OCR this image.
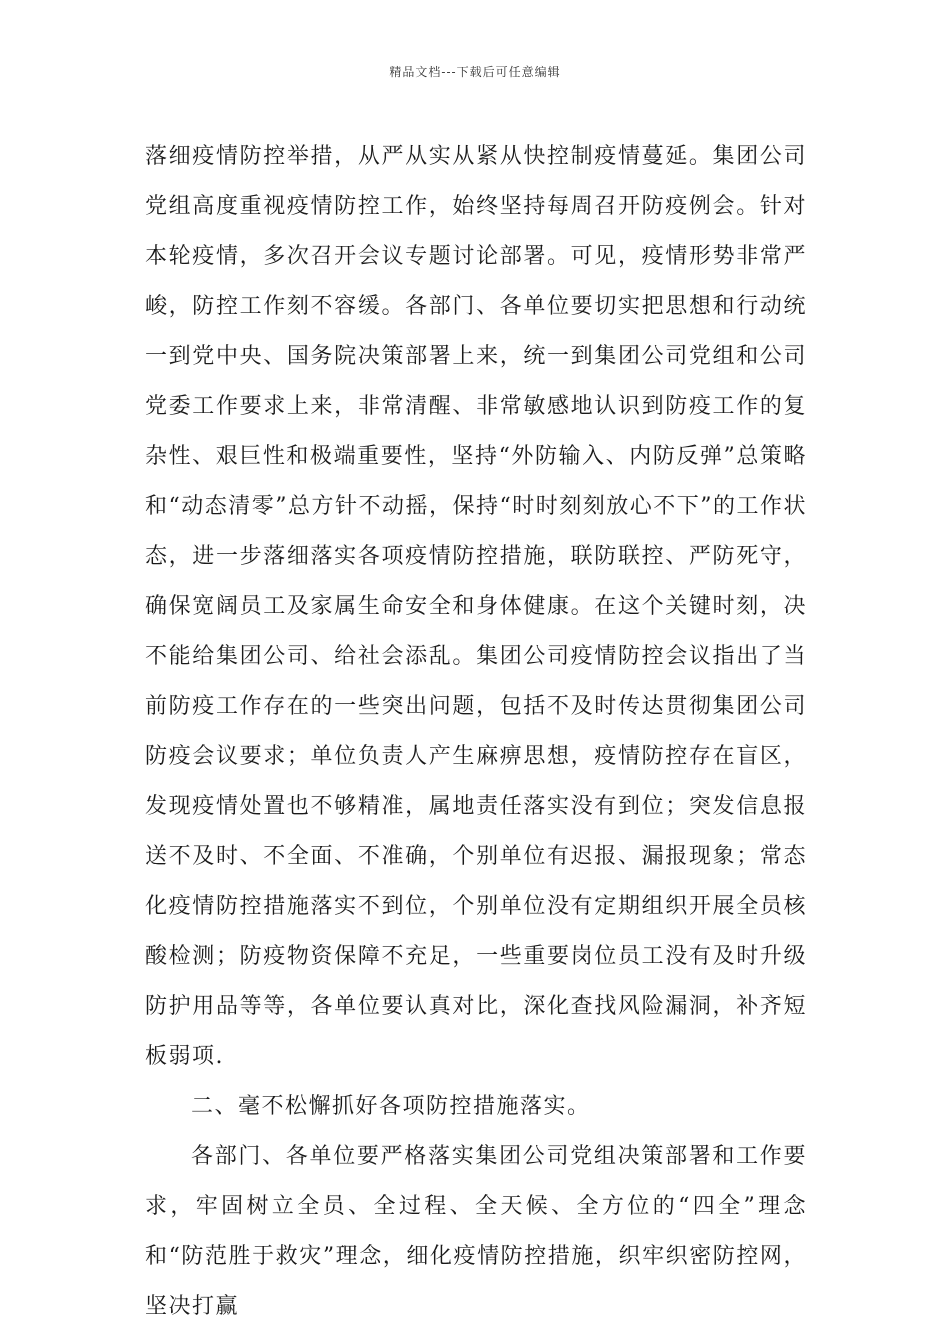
精品文档---下载后可任意编辑

落细疫情防控举措，从严从实从紧从快控制疫情蔓延。集团公司党组高度重视疫情防控工作，始终坚持每周召开防疫例会。针对本轮疫情，多次召开会议专题讨论部署。可见，疫情形势非常严峻，防控工作刻不容缓。各部门、各单位要切实把思想和行动统一到党中央、国务院决策部署上来，统一到集团公司党组和公司党委工作要求上来，非常清醒、非常敏感地认识到防疫工作的复杂性、艰巨性和极端重要性，坚持“外防输入、内防反弹”总策略和“动态清零”总方针不动摇，保持“时时刻刻放心不下”的工作状态，进一步落细落实各项疫情防控措施，联防联控、严防死守，确保宽阔员工及家属生命安全和身体健康。在这个关键时刻，决不能给集团公司、给社会添乱。集团公司疫情防控会议指出了当前防疫工作存在的一些突出问题，包括不及时传达贯彻集团公司防疫会议要求；单位负责人产生麻痹思想，疫情防控存在盲区，发现疫情处置也不够精准，属地责任落实没有到位；突发信息报送不及时、不全面、不准确，个别单位有迟报、漏报现象；常态化疫情防控措施落实不到位，个别单位没有定期组织开展全员核酸检测；防疫物资保障不充足，一些重要岗位员工没有及时升级防护用品等等，各单位要认真对比，深化查找风险漏洞，补齐短板弱项.

二、毫不松懈抓好各项防控措施落实。

各部门、各单位要严格落实集团公司党组决策部署和工作要求，牢固树立全员、全过程、全天候、全方位的“四全”理念和“防范胜于救灾”理念，细化疫情防控措施，织牢织密防控网，坚决打赢
